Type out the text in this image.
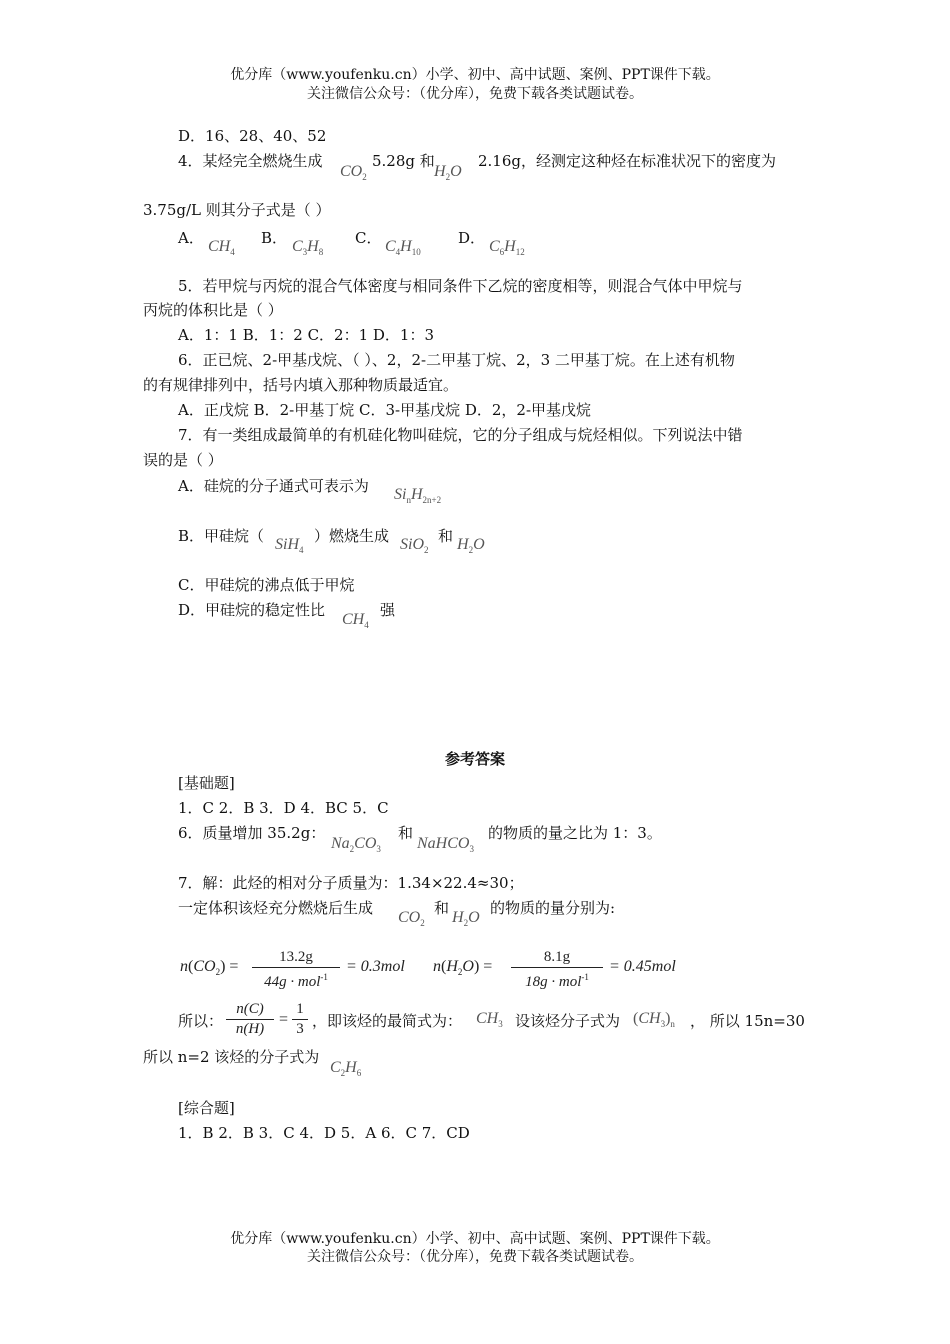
优分库（www.youfenku.cn）小学、初中、高中试题、案例、PPT课件下载。
关注微信公众号：（优分库），免费下载各类试题试卷。
D．16、28、40、52
4．某烃完全燃烧生成
$CO_2$
5.28g 和
$H_2O$
2.16g，经测定这种烃在标准状况下的密度为
3.75g/L 则其分子式是（ ）
A． $CH_4$
B． $C_3H_8$
C． $C_4H_{10}$
D． $C_6H_{12}$
5．若甲烷与丙烷的混合气体密度与相同条件下乙烷的密度相等，则混合气体中甲烷与
丙烷的体积比是（ ）
A．1：1 B．1：2 C．2：1 D．1：3
6．正已烷、2-甲基戊烷、（ ）、2，2-二甲基丁烷、2，3 二甲基丁烷。在上述有机物
的有规律排列中，括号内填入那种物质最适宜。
A．正戊烷 B．2-甲基丁烷 C．3-甲基戊烷 D．2，2-甲基戊烷
7．有一类组成最简单的有机硅化物叫硅烷，它的分子组成与烷烃相似。下列说法中错
误的是（ ）
A．硅烷的分子通式可表示为 $Si_nH_{2n+2}$
B．甲硅烷（ SiH$_4$
）燃烧生成 SiO$_2$
和 $H_2O$
C．甲硅烷的沸点低于甲烷
D．甲硅烷的稳定性比
$CH_4$
强
参考答案
[基础题]
1．C 2．B 3．D 4．BC 5．C
6．质量增加 35.2g：
$Na_2CO_3$
和
NaHCO$_3$
的物质的量之比为 1：3。
7．解：此烃的相对分子质量为：1.34×22.4≈30；
一定体积该烃充分燃烧后生成
$CO_2$
和
$H_2O$
的物质的量分别为:
$n(CO_2)$ =
13.2g
44g · mol$^{-1}$
= 0.3mol $n(H_2O)$ =
8.1g
18g · mol$^{-1}$
= 0.45mol
所以： $\frac{n(C)}{n(H)} = \frac{1}{3}$ ，即该烃的最简式为： $CH_3$ 设该烃分子式为 $(CH_3)_n$ ， 所以 15n=30
所以 n=2 该烃的分子式为
$C_2H_6$
[综合题]
1．B 2．B 3．C 4．D 5．A 6．C 7．CD
优分库（www.youfenku.cn）小学、初中、高中试题、案例、PPT课件下载。
关注微信公众号：（优分库），免费下载各类试题试卷。
